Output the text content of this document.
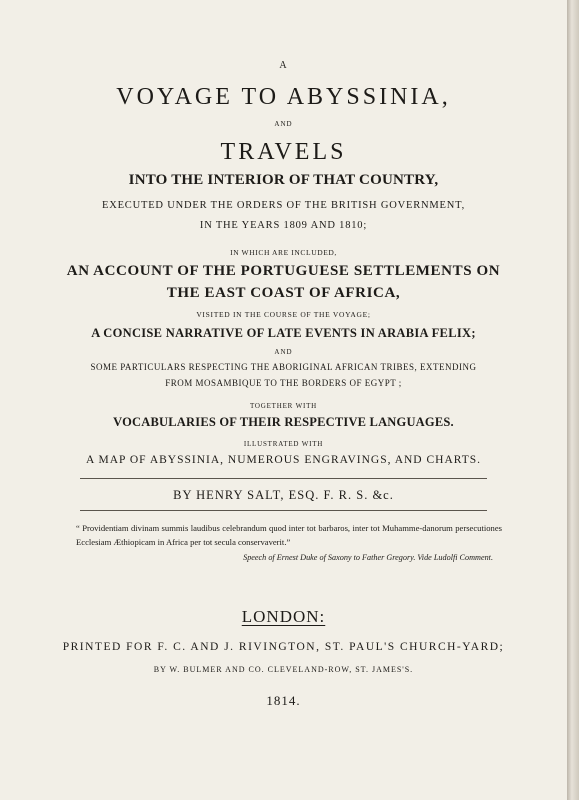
A
VOYAGE TO ABYSSINIA,
AND
TRAVELS
INTO THE INTERIOR OF THAT COUNTRY,
EXECUTED UNDER THE ORDERS OF THE BRITISH GOVERNMENT,
IN THE YEARS 1809 AND 1810;
IN WHICH ARE INCLUDED,
AN ACCOUNT OF THE PORTUGUESE SETTLEMENTS ON
THE EAST COAST OF AFRICA,
VISITED IN THE COURSE OF THE VOYAGE;
A CONCISE NARRATIVE OF LATE EVENTS IN ARABIA FELIX;
AND
SOME PARTICULARS RESPECTING THE ABORIGINAL AFRICAN TRIBES, EXTENDING
FROM MOSAMBIQUE TO THE BORDERS OF EGYPT ;
TOGETHER WITH
VOCABULARIES OF THEIR RESPECTIVE LANGUAGES.
ILLUSTRATED WITH
A MAP OF ABYSSINIA, NUMEROUS ENGRAVINGS, AND CHARTS.
BY HENRY SALT, ESQ. F. R. S. &c.
“ Providentiam divinam summis laudibus celebrandum quod inter tot barbaros, inter tot Muhamme-danorum persecutiones Ecclesiam Æthiopicam in Africa per tot secula conservaverit.”
Speech of Ernest Duke of Saxony to Father Gregory. Vide Ludolfi Comment.
LONDON:
PRINTED FOR F. C. AND J. RIVINGTON, ST. PAUL'S CHURCH-YARD;
BY W. BULMER AND CO. CLEVELAND-ROW, ST. JAMES'S.
1814.
